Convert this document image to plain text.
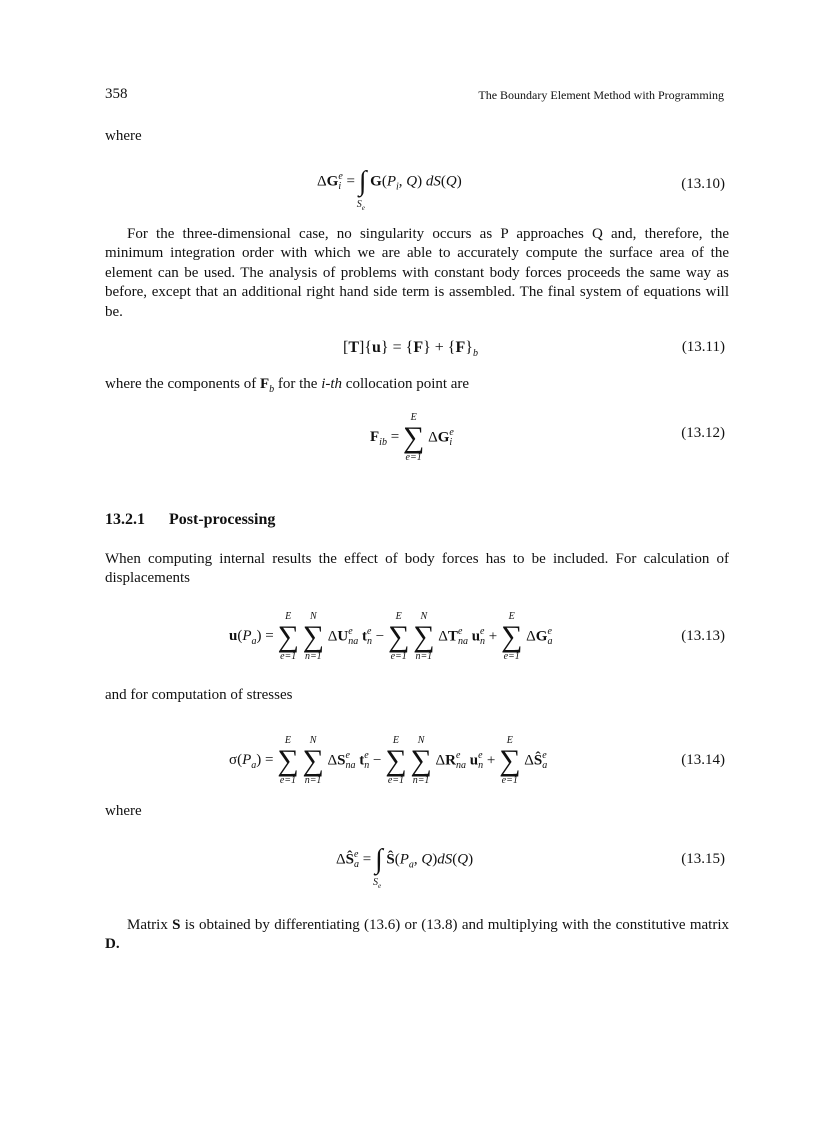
358	The Boundary Element Method with Programming
where
ΔG e
i = ∫
$S_e$
$G(P_i$, Q) dS(Q)	(13.10)
For the three-dimensional case, no singularity occurs as P approaches Q and, therefore, the minimum integration order with which we are able to accurately compute the surface area of the element can be used. The analysis of problems with constant body forces proceeds the same way as before, except that an additional right hand side term is assembled. The final system of equations will be.
$[T]\{u\} = \{F\} + \{F\}_b$	(13.11)
where the components of $F_b$ for the i-th collocation point are
$F_{ib}$ =
E
∑
e=1
ΔG e
i
(13.12)
13.2.1 Post-processing
When computing internal results the effect of body forces has to be included. For calculation of displacements
$u(P_a)$ =
E
∑
e=1

N
∑
n=1
ΔU e
na t e
n −
E
∑
e=1

N
∑
n=1
ΔT e
na u e
n +
E
∑
e=1
ΔG e
a	(13.13)
and for computation of stresses
$\sigma(P_a)$ =
E
∑
e=1

N
∑
n=1
ΔS e
na t e
n −
E
∑
e=1

N
∑
n=1
ΔR e
na u e
n +
E
∑
e=1
ΔŜ e
a	(13.14)
where
ΔŜ e
a = ∫
$S_e$
$Ŝ(P_a$, Q)dS(Q)	(13.15)
Matrix S is obtained by differentiating (13.6) or (13.8) and multiplying with the constitutive matrix D.
